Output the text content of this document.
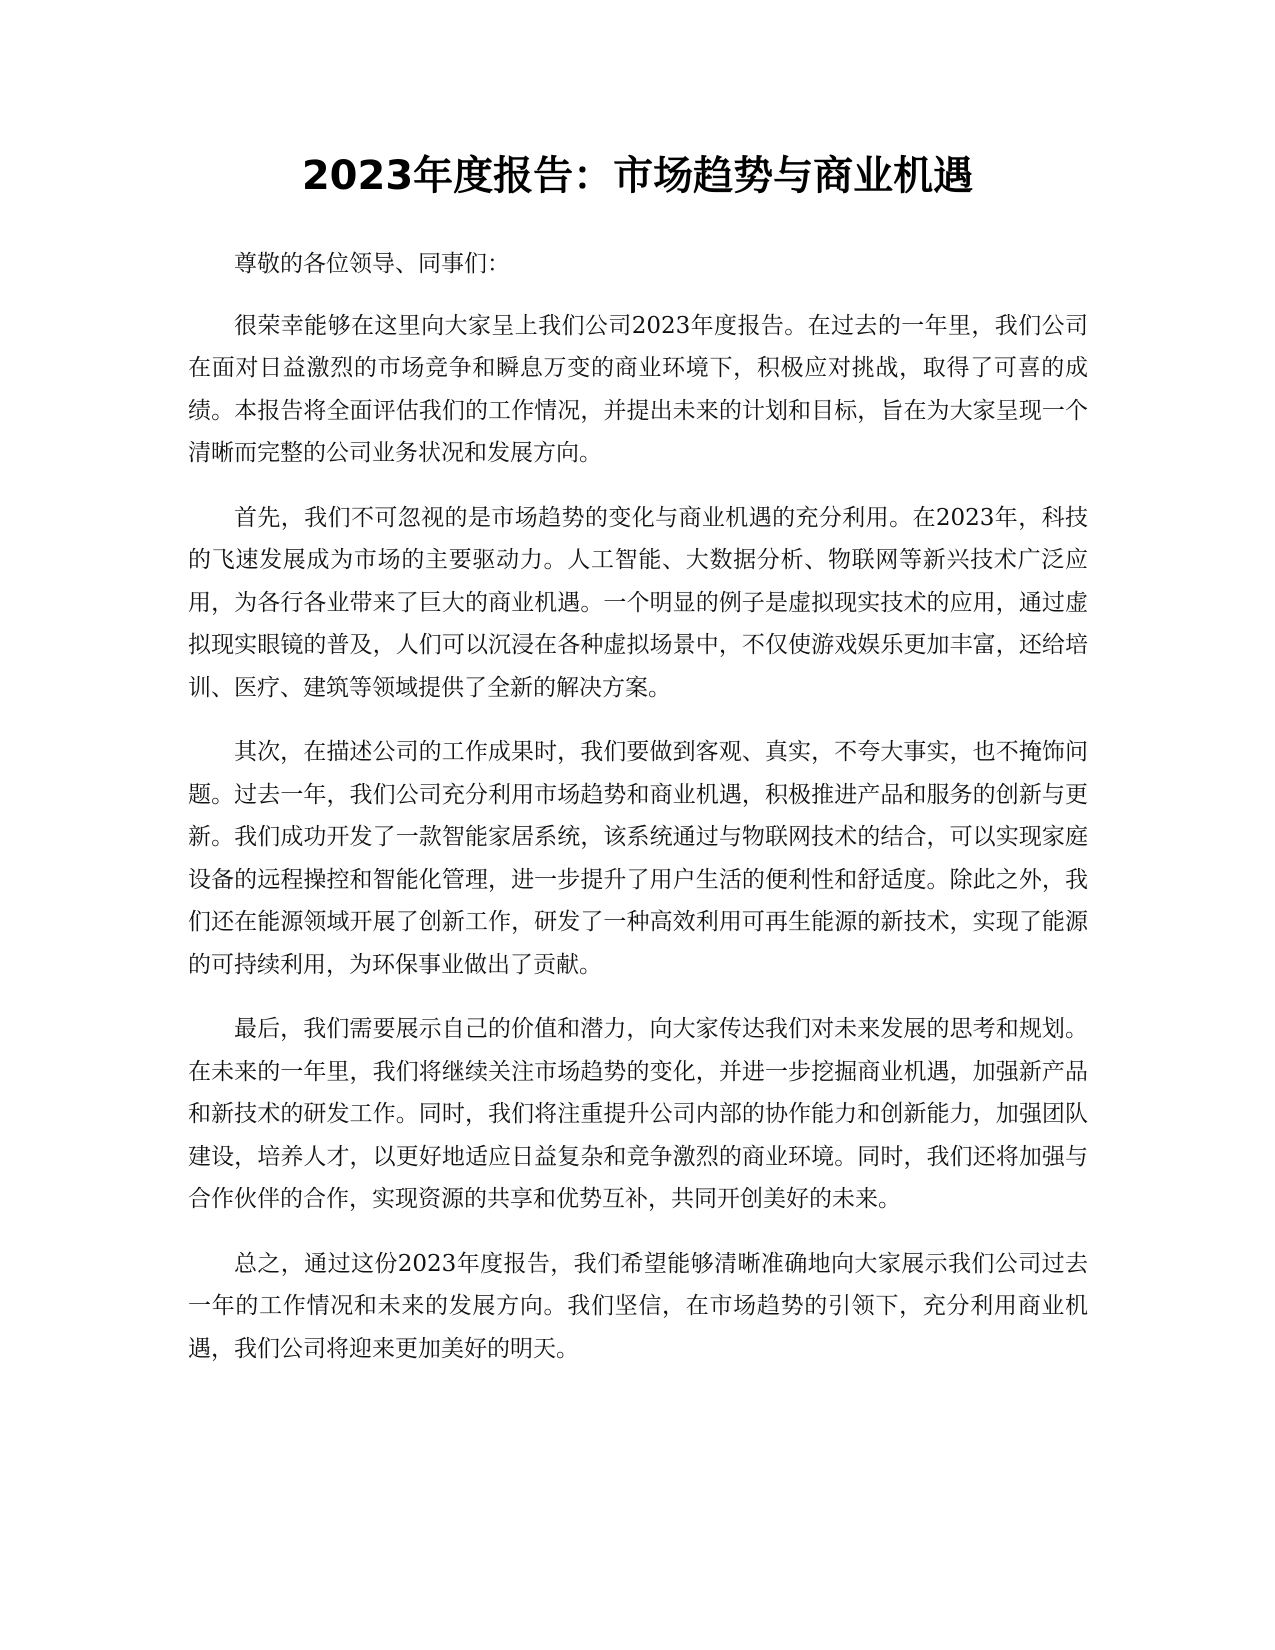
2023年度报告：市场趋势与商业机遇

尊敬的各位领导、同事们：

很荣幸能够在这里向大家呈上我们公司2023年度报告。在过去的一年里，我们公司在面对日益激烈的市场竞争和瞬息万变的商业环境下，积极应对挑战，取得了可喜的成绩。本报告将全面评估我们的工作情况，并提出未来的计划和目标，旨在为大家呈现一个清晰而完整的公司业务状况和发展方向。

首先，我们不可忽视的是市场趋势的变化与商业机遇的充分利用。在2023年，科技的飞速发展成为市场的主要驱动力。人工智能、大数据分析、物联网等新兴技术广泛应用，为各行各业带来了巨大的商业机遇。一个明显的例子是虚拟现实技术的应用，通过虚拟现实眼镜的普及，人们可以沉浸在各种虚拟场景中，不仅使游戏娱乐更加丰富，还给培训、医疗、建筑等领域提供了全新的解决方案。

其次，在描述公司的工作成果时，我们要做到客观、真实，不夸大事实，也不掩饰问题。过去一年，我们公司充分利用市场趋势和商业机遇，积极推进产品和服务的创新与更新。我们成功开发了一款智能家居系统，该系统通过与物联网技术的结合，可以实现家庭设备的远程操控和智能化管理，进一步提升了用户生活的便利性和舒适度。除此之外，我们还在能源领域开展了创新工作，研发了一种高效利用可再生能源的新技术，实现了能源的可持续利用，为环保事业做出了贡献。

最后，我们需要展示自己的价值和潜力，向大家传达我们对未来发展的思考和规划。在未来的一年里，我们将继续关注市场趋势的变化，并进一步挖掘商业机遇，加强新产品和新技术的研发工作。同时，我们将注重提升公司内部的协作能力和创新能力，加强团队建设，培养人才，以更好地适应日益复杂和竞争激烈的商业环境。同时，我们还将加强与合作伙伴的合作，实现资源的共享和优势互补，共同开创美好的未来。

总之，通过这份2023年度报告，我们希望能够清晰准确地向大家展示我们公司过去一年的工作情况和未来的发展方向。我们坚信，在市场趋势的引领下，充分利用商业机遇，我们公司将迎来更加美好的明天。
